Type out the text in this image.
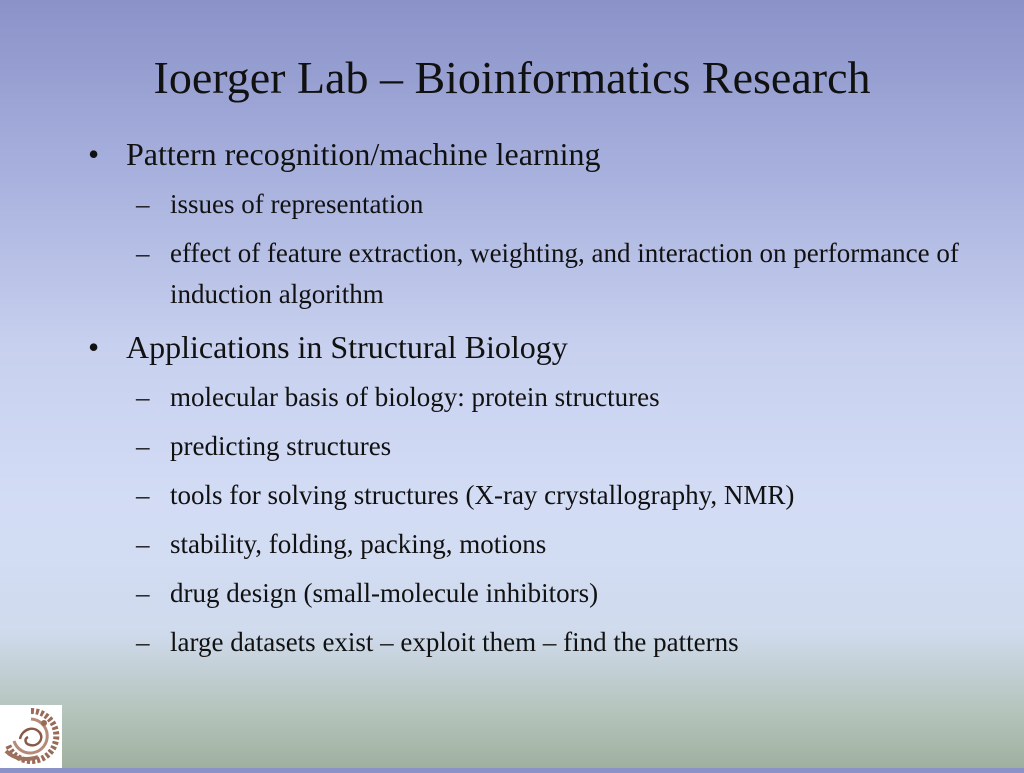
Ioerger Lab – Bioinformatics Research
• Pattern recognition/machine learning
– issues of representation
– effect of feature extraction, weighting, and interaction on performance of induction algorithm
• Applications in Structural Biology
– molecular basis of biology: protein structures
– predicting structures
– tools for solving structures (X-ray crystallography, NMR)
– stability, folding, packing, motions
– drug design (small-molecule inhibitors)
– large datasets exist – exploit them – find the patterns
